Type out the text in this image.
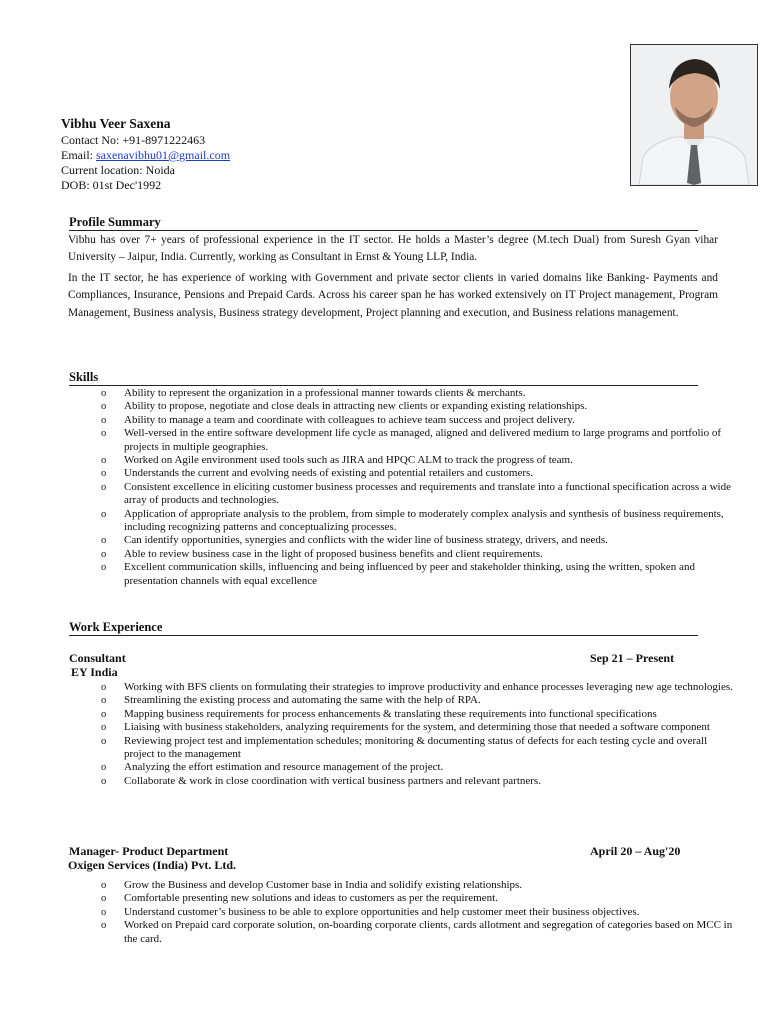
Vibhu Veer Saxena
Contact No: +91-8971222463
Email: saxenavibhu01@gmail.com
Current location: Noida
DOB: 01st Dec'1992
Profile Summary
Vibhu has over 7+ years of professional experience in the IT sector. He holds a Master’s degree (M.tech Dual) from Suresh Gyan vihar University – Jaipur, India. Currently, working as Consultant in Ernst & Young LLP, India.
In the IT sector, he has experience of working with Government and private sector clients in varied domains like Banking- Payments and Compliances, Insurance, Pensions and Prepaid Cards. Across his career span he has worked extensively on IT Project management, Program Management, Business analysis, Business strategy development, Project planning and execution, and Business relations management.
Skills
o Ability to represent the organization in a professional manner towards clients & merchants.
o Ability to propose, negotiate and close deals in attracting new clients or expanding existing relationships.
o Ability to manage a team and coordinate with colleagues to achieve team success and project delivery.
o Well-versed in the entire software development life cycle as managed, aligned and delivered medium to large programs and portfolio of projects in multiple geographies.
o Worked on Agile environment used tools such as JIRA and HPQC ALM to track the progress of team.
o Understands the current and evolving needs of existing and potential retailers and customers.
o Consistent excellence in eliciting customer business processes and requirements and translate into a functional specification across a wide array of products and technologies.
o Application of appropriate analysis to the problem, from simple to moderately complex analysis and synthesis of business requirements, including recognizing patterns and conceptualizing processes.
o Can identify opportunities, synergies and conflicts with the wider line of business strategy, drivers, and needs.
o Able to review business case in the light of proposed business benefits and client requirements.
o Excellent communication skills, influencing and being influenced by peer and stakeholder thinking, using the written, spoken and presentation channels with equal excellence
Work Experience
Consultant	Sep 21 – Present
EY India
o Working with BFS clients on formulating their strategies to improve productivity and enhance processes leveraging new age technologies.
o Streamlining the existing process and automating the same with the help of RPA.
o Mapping business requirements for process enhancements & translating these requirements into functional specifications
o Liaising with business stakeholders, analyzing requirements for the system, and determining those that needed a software component
o Reviewing project test and implementation schedules; monitoring & documenting status of defects for each testing cycle and overall project to the management
o Analyzing the effort estimation and resource management of the project.
o Collaborate & work in close coordination with vertical business partners and relevant partners.
Manager- Product Department	April 20 – Aug'20
Oxigen Services (India) Pvt. Ltd.
o Grow the Business and develop Customer base in India and solidify existing relationships.
o Comfortable presenting new solutions and ideas to customers as per the requirement.
o Understand customer’s business to be able to explore opportunities and help customer meet their business objectives.
o Worked on Prepaid card corporate solution, on-boarding corporate clients, cards allotment and segregation of categories based on MCC in the card.
